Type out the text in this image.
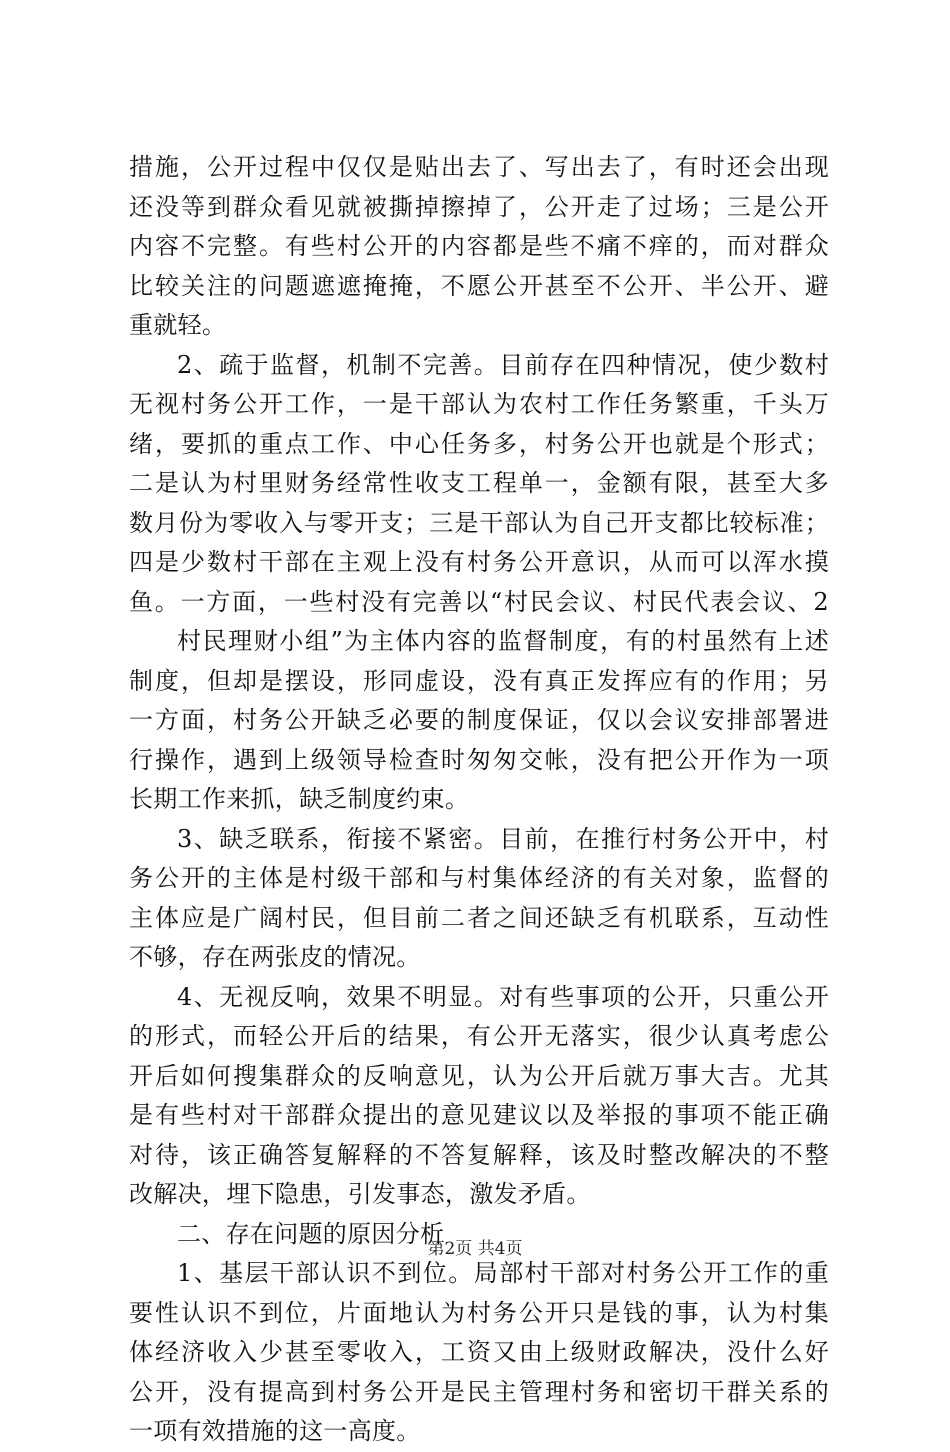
措施，公开过程中仅仅是贴出去了、写出去了，有时还会出现
还没等到群众看见就被撕掉擦掉了，公开走了过场；三是公开
内容不完整。有些村公开的内容都是些不痛不痒的，而对群众
比较关注的问题遮遮掩掩，不愿公开甚至不公开、半公开、避
重就轻。
2、疏于监督，机制不完善。目前存在四种情况，使少数村
无视村务公开工作，一是干部认为农村工作任务繁重，千头万
绪，要抓的重点工作、中心任务多，村务公开也就是个形式；
二是认为村里财务经常性收支工程单一，金额有限，甚至大多
数月份为零收入与零开支；三是干部认为自己开支都比较标准；
四是少数村干部在主观上没有村务公开意识，从而可以浑水摸
鱼。一方面，一些村没有完善以“村民会议、村民代表会议、2
村民理财小组”为主体内容的监督制度，有的村虽然有上述
制度，但却是摆设，形同虚设，没有真正发挥应有的作用；另
一方面，村务公开缺乏必要的制度保证，仅以会议安排部署进
行操作，遇到上级领导检查时匆匆交帐，没有把公开作为一项
长期工作来抓，缺乏制度约束。
3、缺乏联系，衔接不紧密。目前，在推行村务公开中，村
务公开的主体是村级干部和与村集体经济的有关对象，监督的
主体应是广阔村民，但目前二者之间还缺乏有机联系，互动性
不够，存在两张皮的情况。
4、无视反响，效果不明显。对有些事项的公开，只重公开
的形式，而轻公开后的结果，有公开无落实，很少认真考虑公
开后如何搜集群众的反响意见，认为公开后就万事大吉。尤其
是有些村对干部群众提出的意见建议以及举报的事项不能正确
对待，该正确答复解释的不答复解释，该及时整改解决的不整
改解决，埋下隐患，引发事态，激发矛盾。
二、存在问题的原因分析
1、基层干部认识不到位。局部村干部对村务公开工作的重
要性认识不到位，片面地认为村务公开只是钱的事，认为村集
体经济收入少甚至零收入，工资又由上级财政解决，没什么好
公开，没有提高到村务公开是民主管理村务和密切干群关系的
一项有效措施的这一高度。
第2页 共4页
